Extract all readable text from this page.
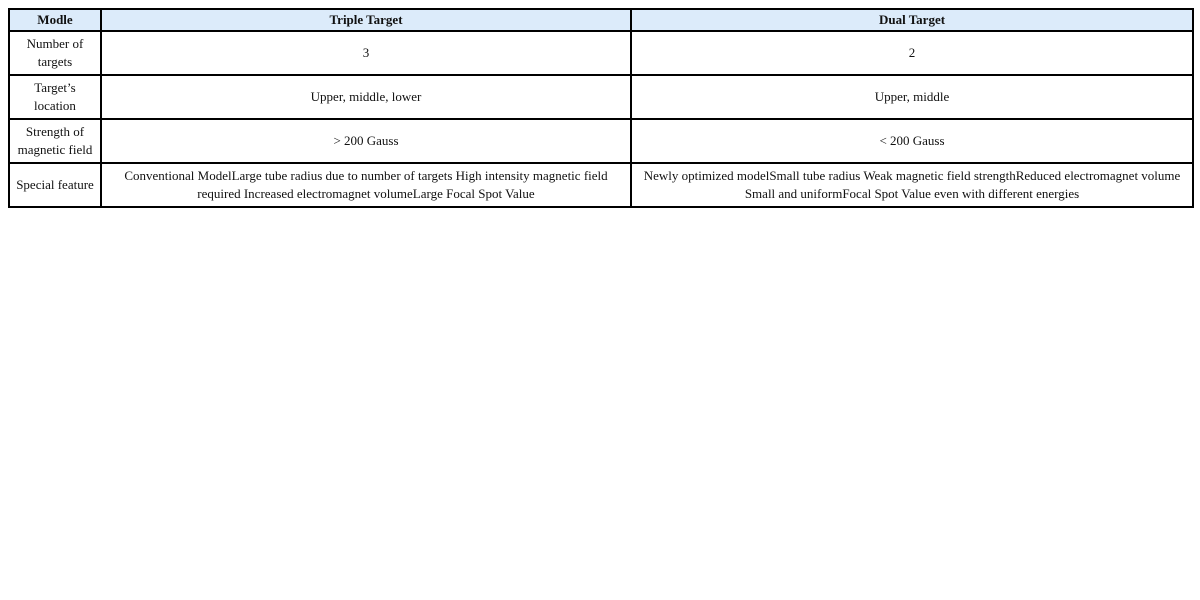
Modle	Triple Target	Dual Target
Number of targets	3	2
Target’s location	Upper, middle, lower	Upper, middle
Strength of magnetic field	> 200 Gauss	< 200 Gauss
Special feature	Conventional ModelLarge tube radius due to number of targets High intensity magnetic field required Increased electromagnet volumeLarge Focal Spot Value	Newly optimized modelSmall tube radius Weak magnetic field strengthReduced electromagnet volume Small and uniformFocal Spot Value even with different energies
